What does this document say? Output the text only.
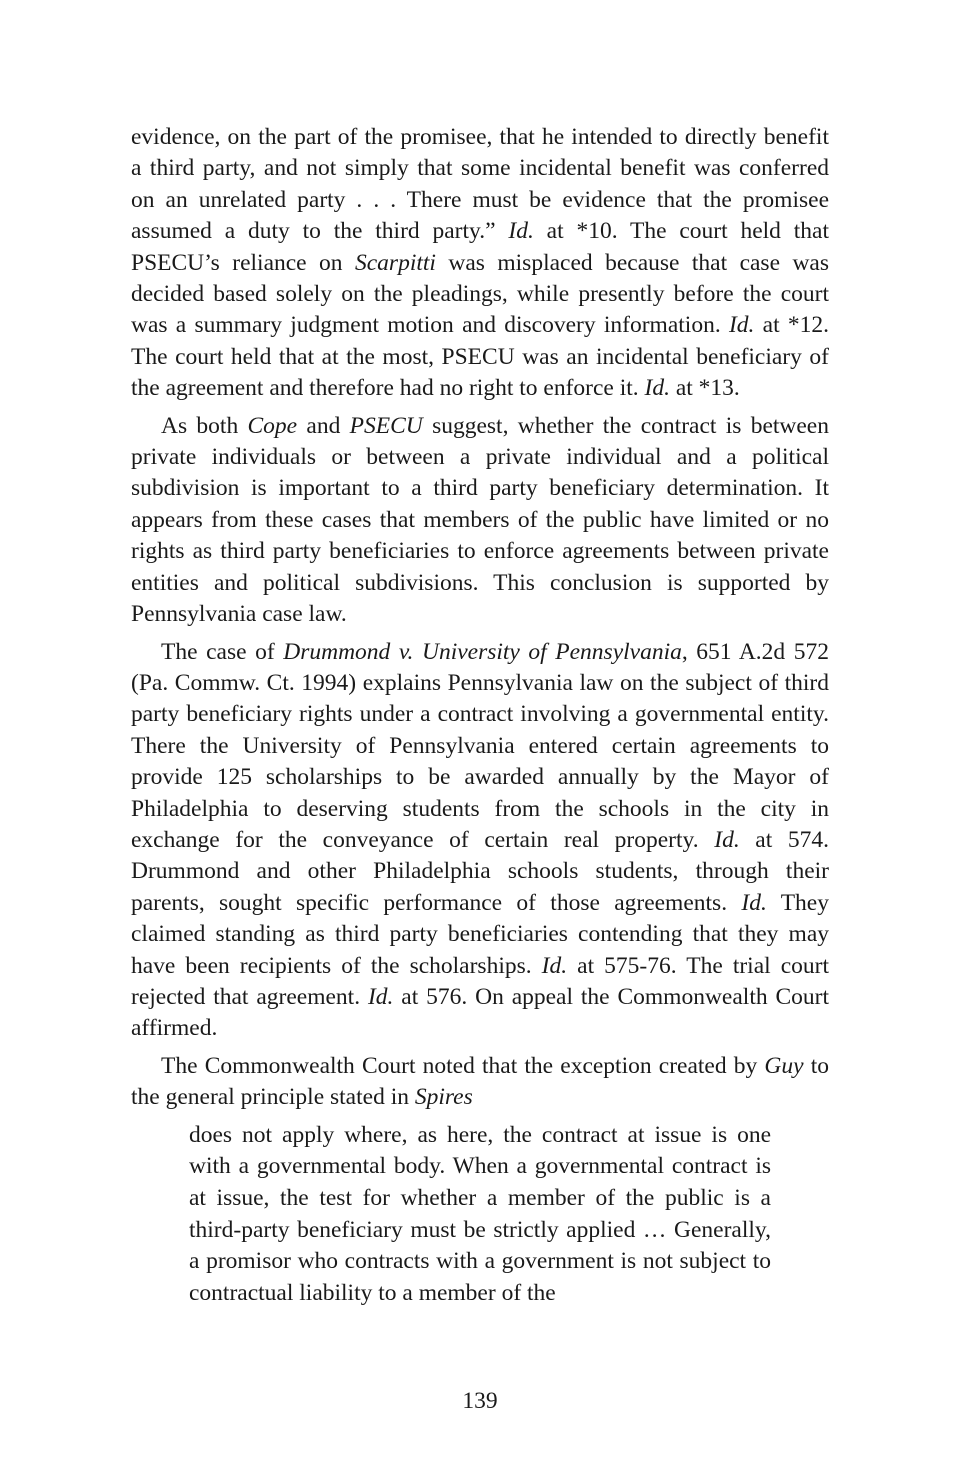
evidence, on the part of the promisee, that he intended to directly benefit a third party, and not simply that some incidental benefit was conferred on an unrelated party . . . There must be evidence that the promisee assumed a duty to the third party.” Id. at *10. The court held that PSECU’s reliance on Scarpitti was misplaced because that case was decided based solely on the pleadings, while presently before the court was a summary judgment motion and discovery information. Id. at *12. The court held that at the most, PSECU was an incidental beneficiary of the agreement and therefore had no right to enforce it. Id. at *13.

As both Cope and PSECU suggest, whether the contract is between private individuals or between a private individual and a political subdivision is important to a third party beneficiary determination. It appears from these cases that members of the public have limited or no rights as third party beneficiaries to enforce agreements between private entities and political subdivisions. This conclusion is supported by Pennsylvania case law.

The case of Drummond v. University of Pennsylvania, 651 A.2d 572 (Pa. Commw. Ct. 1994) explains Pennsylvania law on the subject of third party beneficiary rights under a contract involving a governmental entity. There the University of Pennsylvania entered certain agreements to provide 125 scholarships to be awarded annually by the Mayor of Philadelphia to deserving students from the schools in the city in exchange for the conveyance of certain real property. Id. at 574. Drummond and other Philadelphia schools students, through their parents, sought specific performance of those agreements. Id. They claimed standing as third party beneficiaries contending that they may have been recipients of the scholarships. Id. at 575-76. The trial court rejected that agreement. Id. at 576. On appeal the Commonwealth Court affirmed.

The Commonwealth Court noted that the exception created by Guy to the general principle stated in Spires

does not apply where, as here, the contract at issue is one with a governmental body. When a governmental contract is at issue, the test for whether a member of the public is a third-party beneficiary must be strictly applied … Generally, a promisor who contracts with a government is not subject to contractual liability to a member of the
139
